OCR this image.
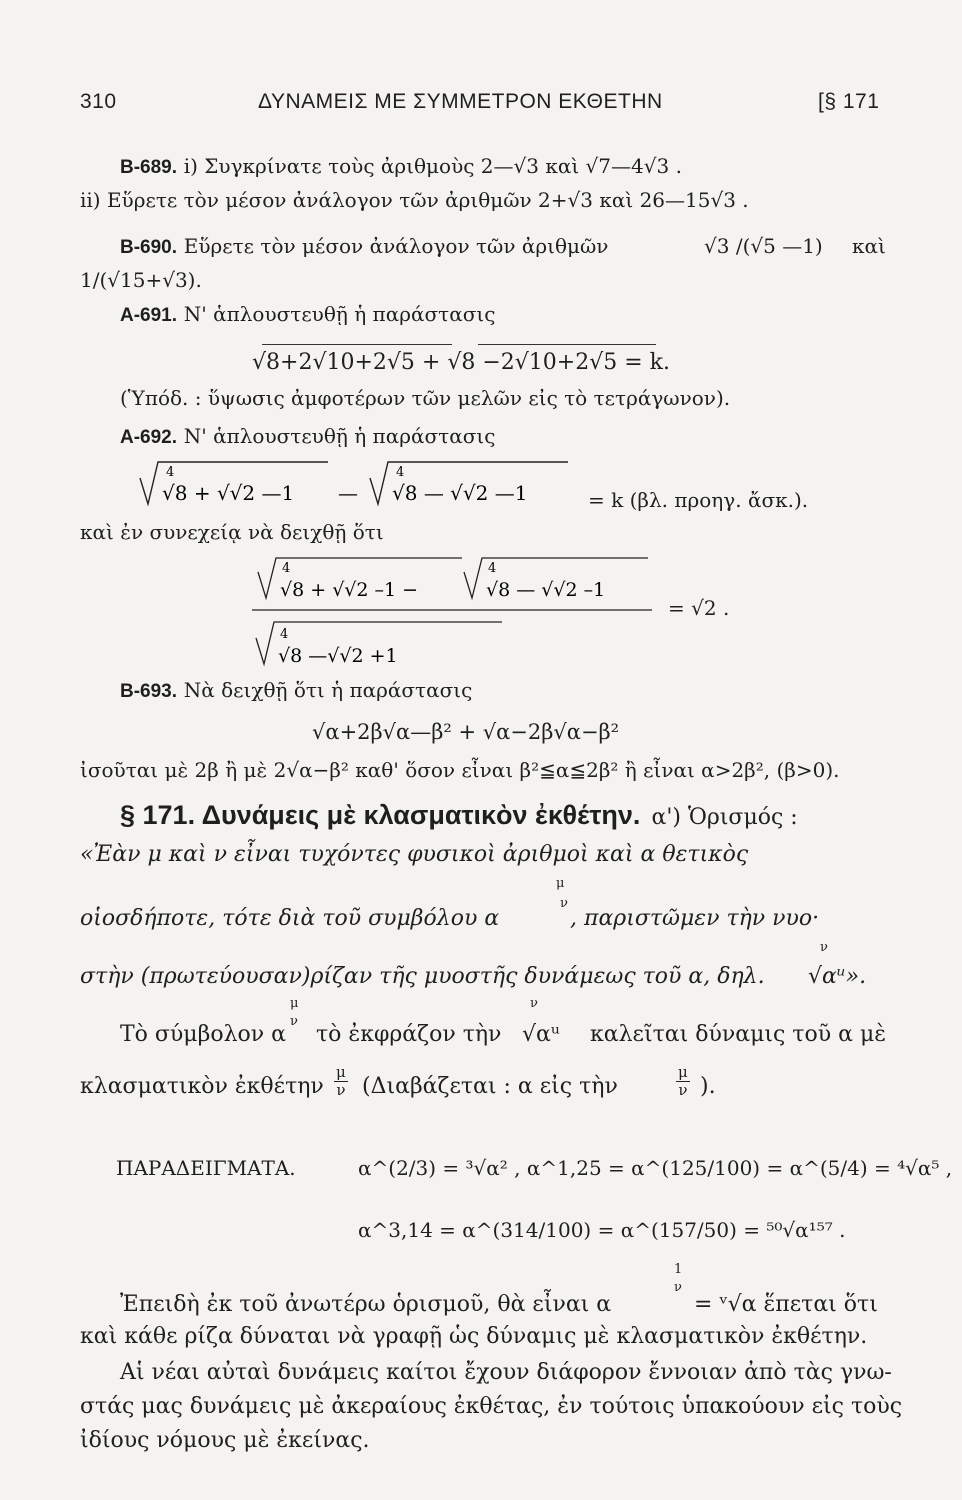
310	ΔΥΝΑΜΕΙΣ ΜΕ ΣΥΜΜΕΤΡΟΝ ΕΚΘΕΤΗΝ	[§ 171
B-689. i) Συγκρίνατε τοὺς ἀριθμοὺς 2—√3 καὶ √7—4√3 .
ii) Εὕρετε τὸν μέσον ἀνάλογον τῶν ἀριθμῶν 2+√3 καὶ 26—15√3 .
B-690. Εὕρετε τὸν μέσον ἀνάλογον τῶν ἀριθμῶν	√3 /(√5 —1) καὶ
1/(√15+√3).
A-691. Ν' ἁπλουστευθῇ ἡ παράστασις
√8+2√10+2√5 + √8 −2√10+2√5 = k.
(Ὑπόδ. : ὕψωσις ἀμφοτέρων τῶν μελῶν εἰς τὸ τετράγωνον).
A-692. Ν' ἁπλουστευθῇ ἡ παράστασις
4
√8 + √√2 —1 —
4
√8 — √√2 —1	= k (βλ. προηγ. ἄσκ.).
καὶ ἐν συνεχείᾳ νὰ δειχθῇ ὅτι
4
√8 + √√2 –1 −
4
√8 — √√2 –1
4
√8 —√√2 +1
= √2 .
B-693. Νὰ δειχθῇ ὅτι ἡ παράστασις
√α+2β√α—β² + √α−2β√α−β²
ἰσοῦται μὲ 2β ἢ μὲ 2√α−β² καθ' ὅσον εἶναι β²≦α≦2β² ἢ εἶναι α>2β², (β>0).
§ 171. Δυνάμεις μὲ κλασματικὸν ἐκθέτην. α') Ὁρισμός :
«Ἐὰν μ καὶ ν εἶναι τυχόντες φυσικοὶ ἀριθμοὶ καὶ α θετικὸς
μ
οἱοσδήποτε, τότε διὰ τοῦ συμβόλου α
ν
, παριστῶμεν τὴν νυο·
ν
στὴν (πρωτεύουσαν)ρίζαν τῆς μυοστῆς δυνάμεως τοῦ α, δηλ. √αᵘ».
μ
ν
ν
Τὸ σύμβολον α τὸ ἐκφράζον τὴν √αᵘ καλεῖται δύναμις τοῦ α μὲ
κλασματικὸν ἐκθέτην $\frac{\mu}{\nu} (\Delta\iota\alpha\beta ά\zeta\varepsilon\tau\alpha\iota$ : α εἰς τὴν	$\frac{\mu}{\nu}$ ).
ΠΑΡΑΔΕΙΓΜΑΤΑ.	α^(2/3) = ³√α² , α^1,25 = α^(125/100) = α^(5/4) = ⁴√α⁵ ,
α^3,14 = α^(314/100) = α^(157/50) = ⁵⁰√α¹⁵⁷ .
1
ν
Ἐπειδὴ ἐκ τοῦ ἀνωτέρω ὁρισμοῦ, θὰ εἶναι α	= ᵛ√α ἕπεται ὅτι
καὶ κάθε ρίζα δύναται νὰ γραφῇ ὡς δύναμις μὲ κλασματικὸν ἐκθέτην.
Αἱ νέαι αὐταὶ δυνάμεις καίτοι ἔχουν διάφορον ἔννοιαν ἀπὸ τὰς γνω-
στάς μας δυνάμεις μὲ ἀκεραίους ἐκθέτας, ἐν τούτοις ὑπακούουν εἰς τοὺς
ἰδίους νόμους μὲ ἐκείνας.
